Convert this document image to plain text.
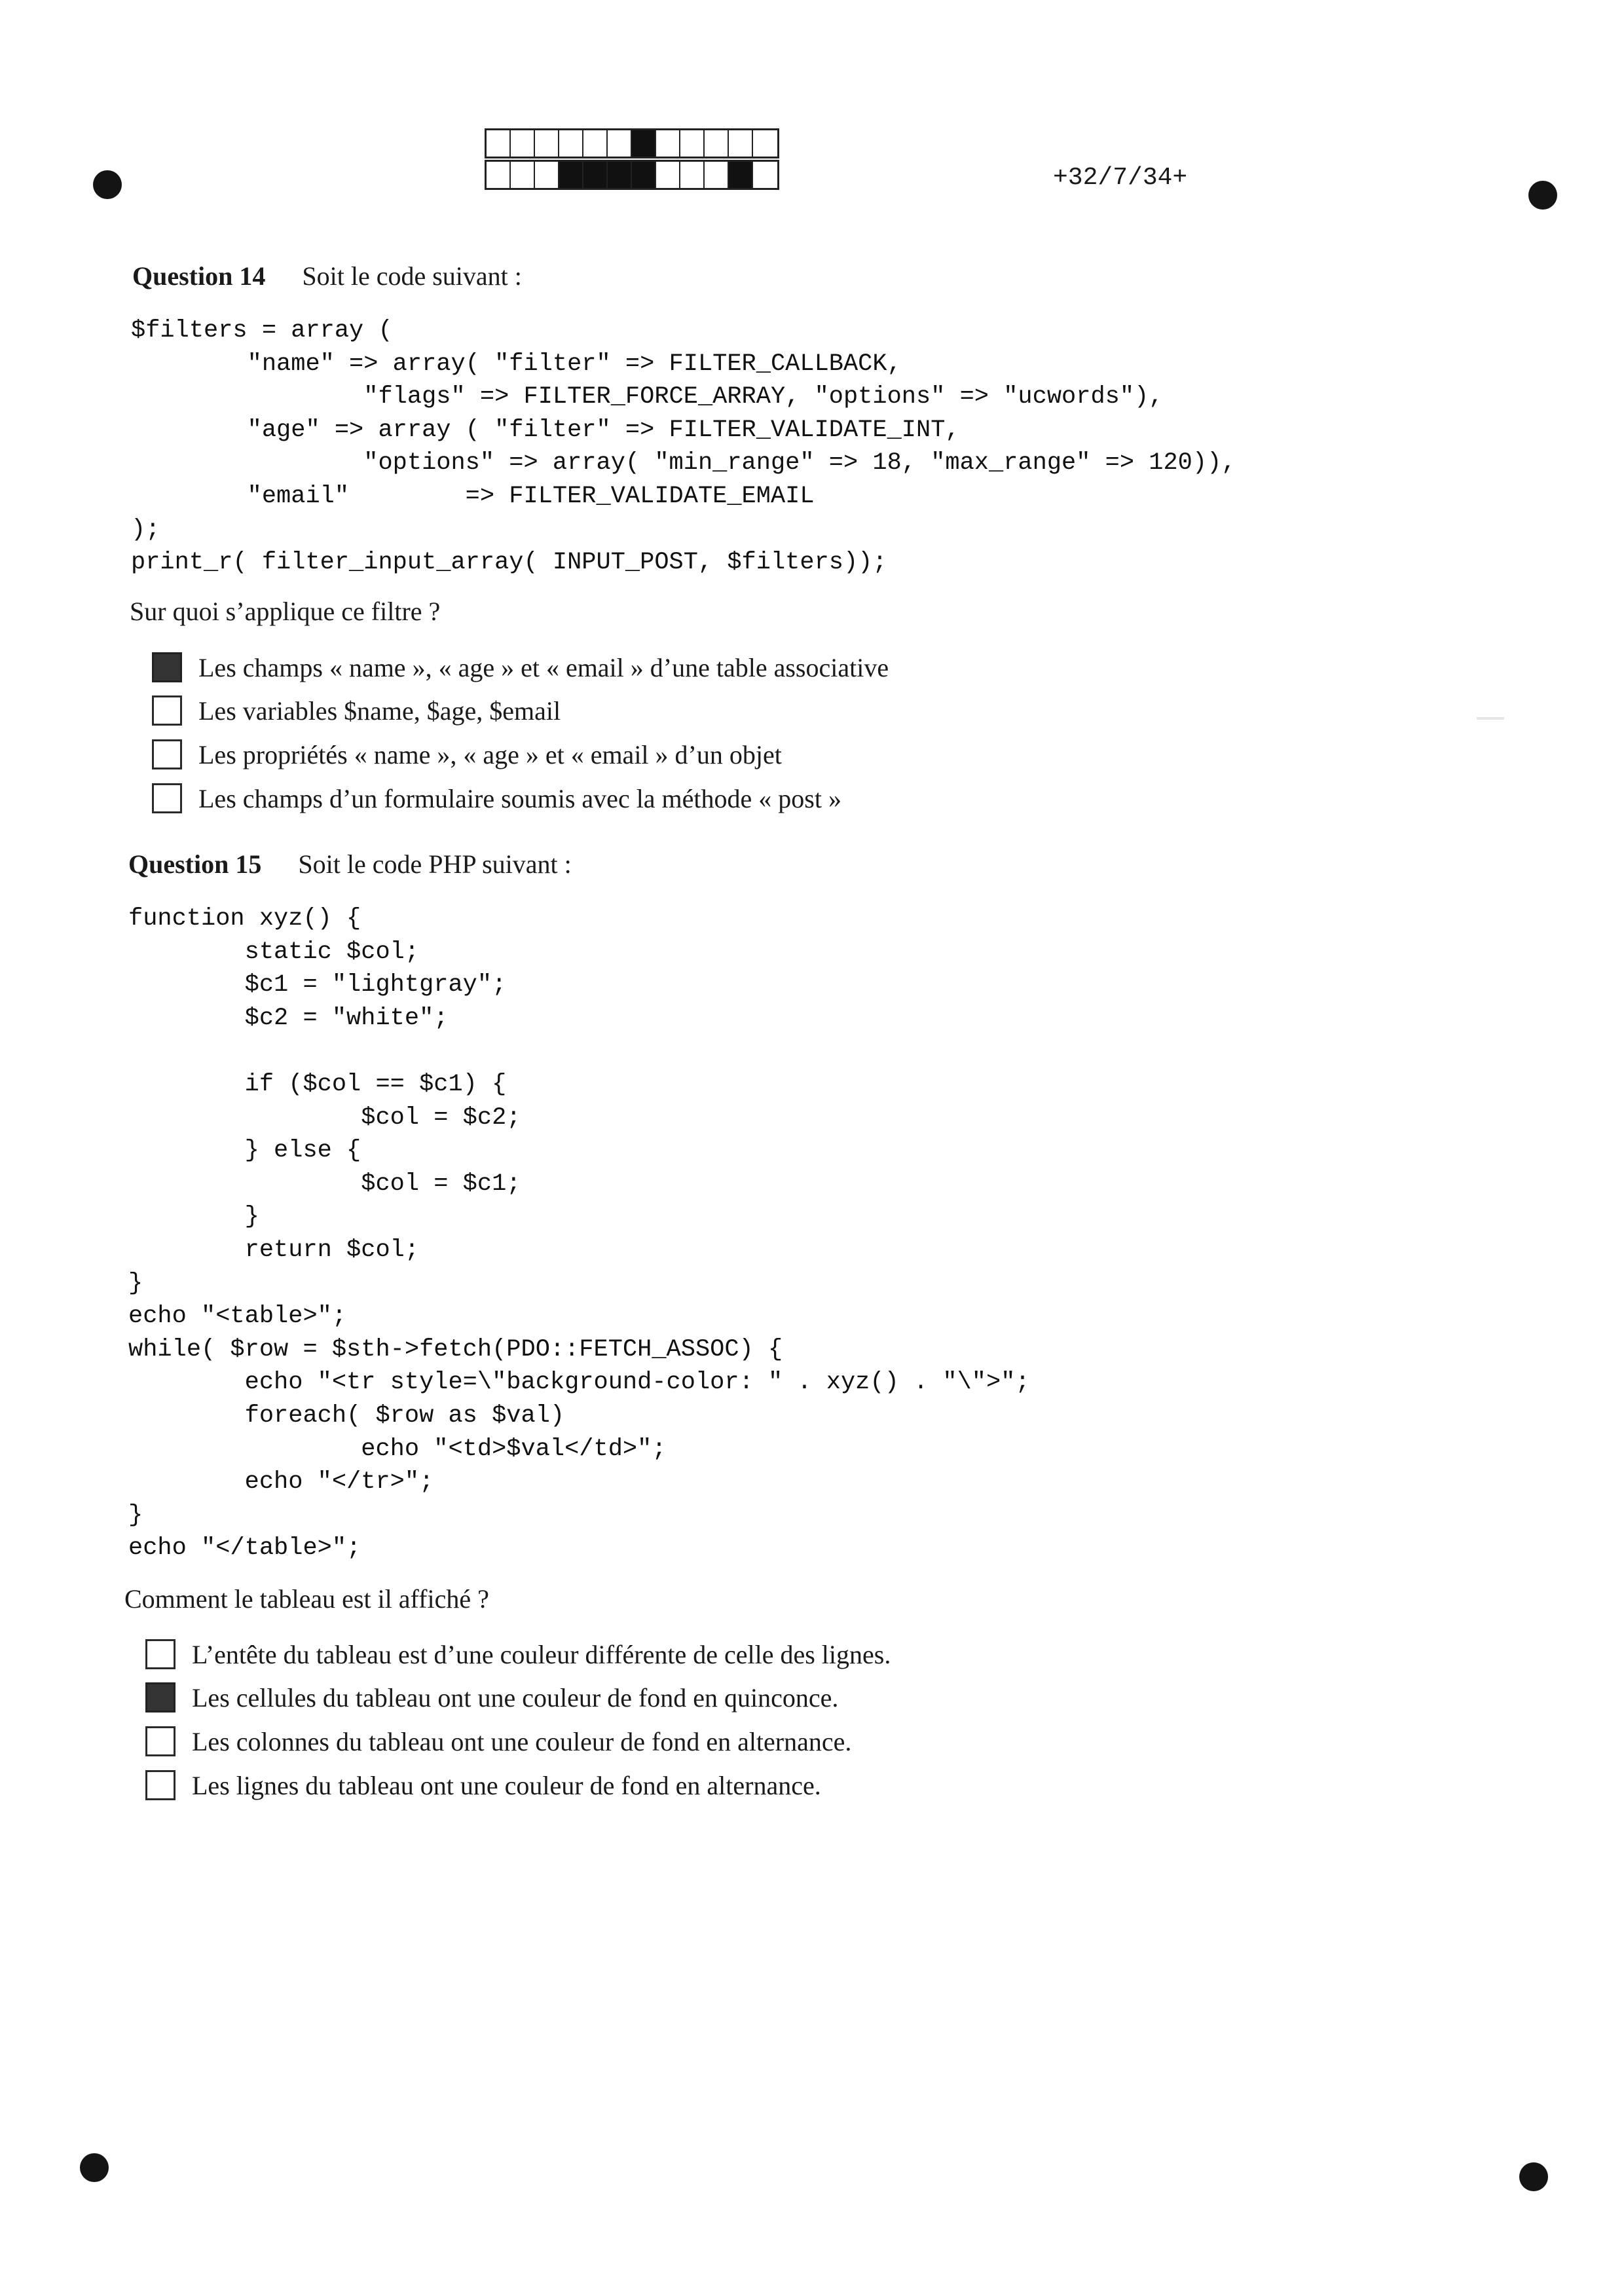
+32/7/34+
Question 14 Soit le code suivant :
$filters = array (
"name" => array( "filter" => FILTER_CALLBACK,
"flags" => FILTER_FORCE_ARRAY, "options" => "ucwords"),
"age" => array ( "filter" => FILTER_VALIDATE_INT,
"options" => array( "min_range" => 18, "max_range" => 120)),
"email"        => FILTER_VALIDATE_EMAIL
);
print_r( filter_input_array( INPUT_POST, $filters));
Sur quoi s’applique ce filtre ?
Les champs « name », « age » et « email » d’une table associative
Les variables $name, $age, $email
Les propriétés « name », « age » et « email » d’un objet
Les champs d’un formulaire soumis avec la méthode « post »
Question 15 Soit le code PHP suivant :
function xyz() {
static $col;
$c1 = "lightgray";
$c2 = "white";

if ($col == $c1) {
$col = $c2;
} else {
$col = $c1;
}
return $col;
}
echo "<table>";
while( $row = $sth->fetch(PDO::FETCH_ASSOC) {
echo "<tr style=\"background-color: " . xyz() . "\">";
foreach( $row as $val)
echo "<td>$val</td>";
echo "</tr>";
}
echo "</table>";
Comment le tableau est il affiché ?
L’entête du tableau est d’une couleur différente de celle des lignes.
Les cellules du tableau ont une couleur de fond en quinconce.
Les colonnes du tableau ont une couleur de fond en alternance.
Les lignes du tableau ont une couleur de fond en alternance.
